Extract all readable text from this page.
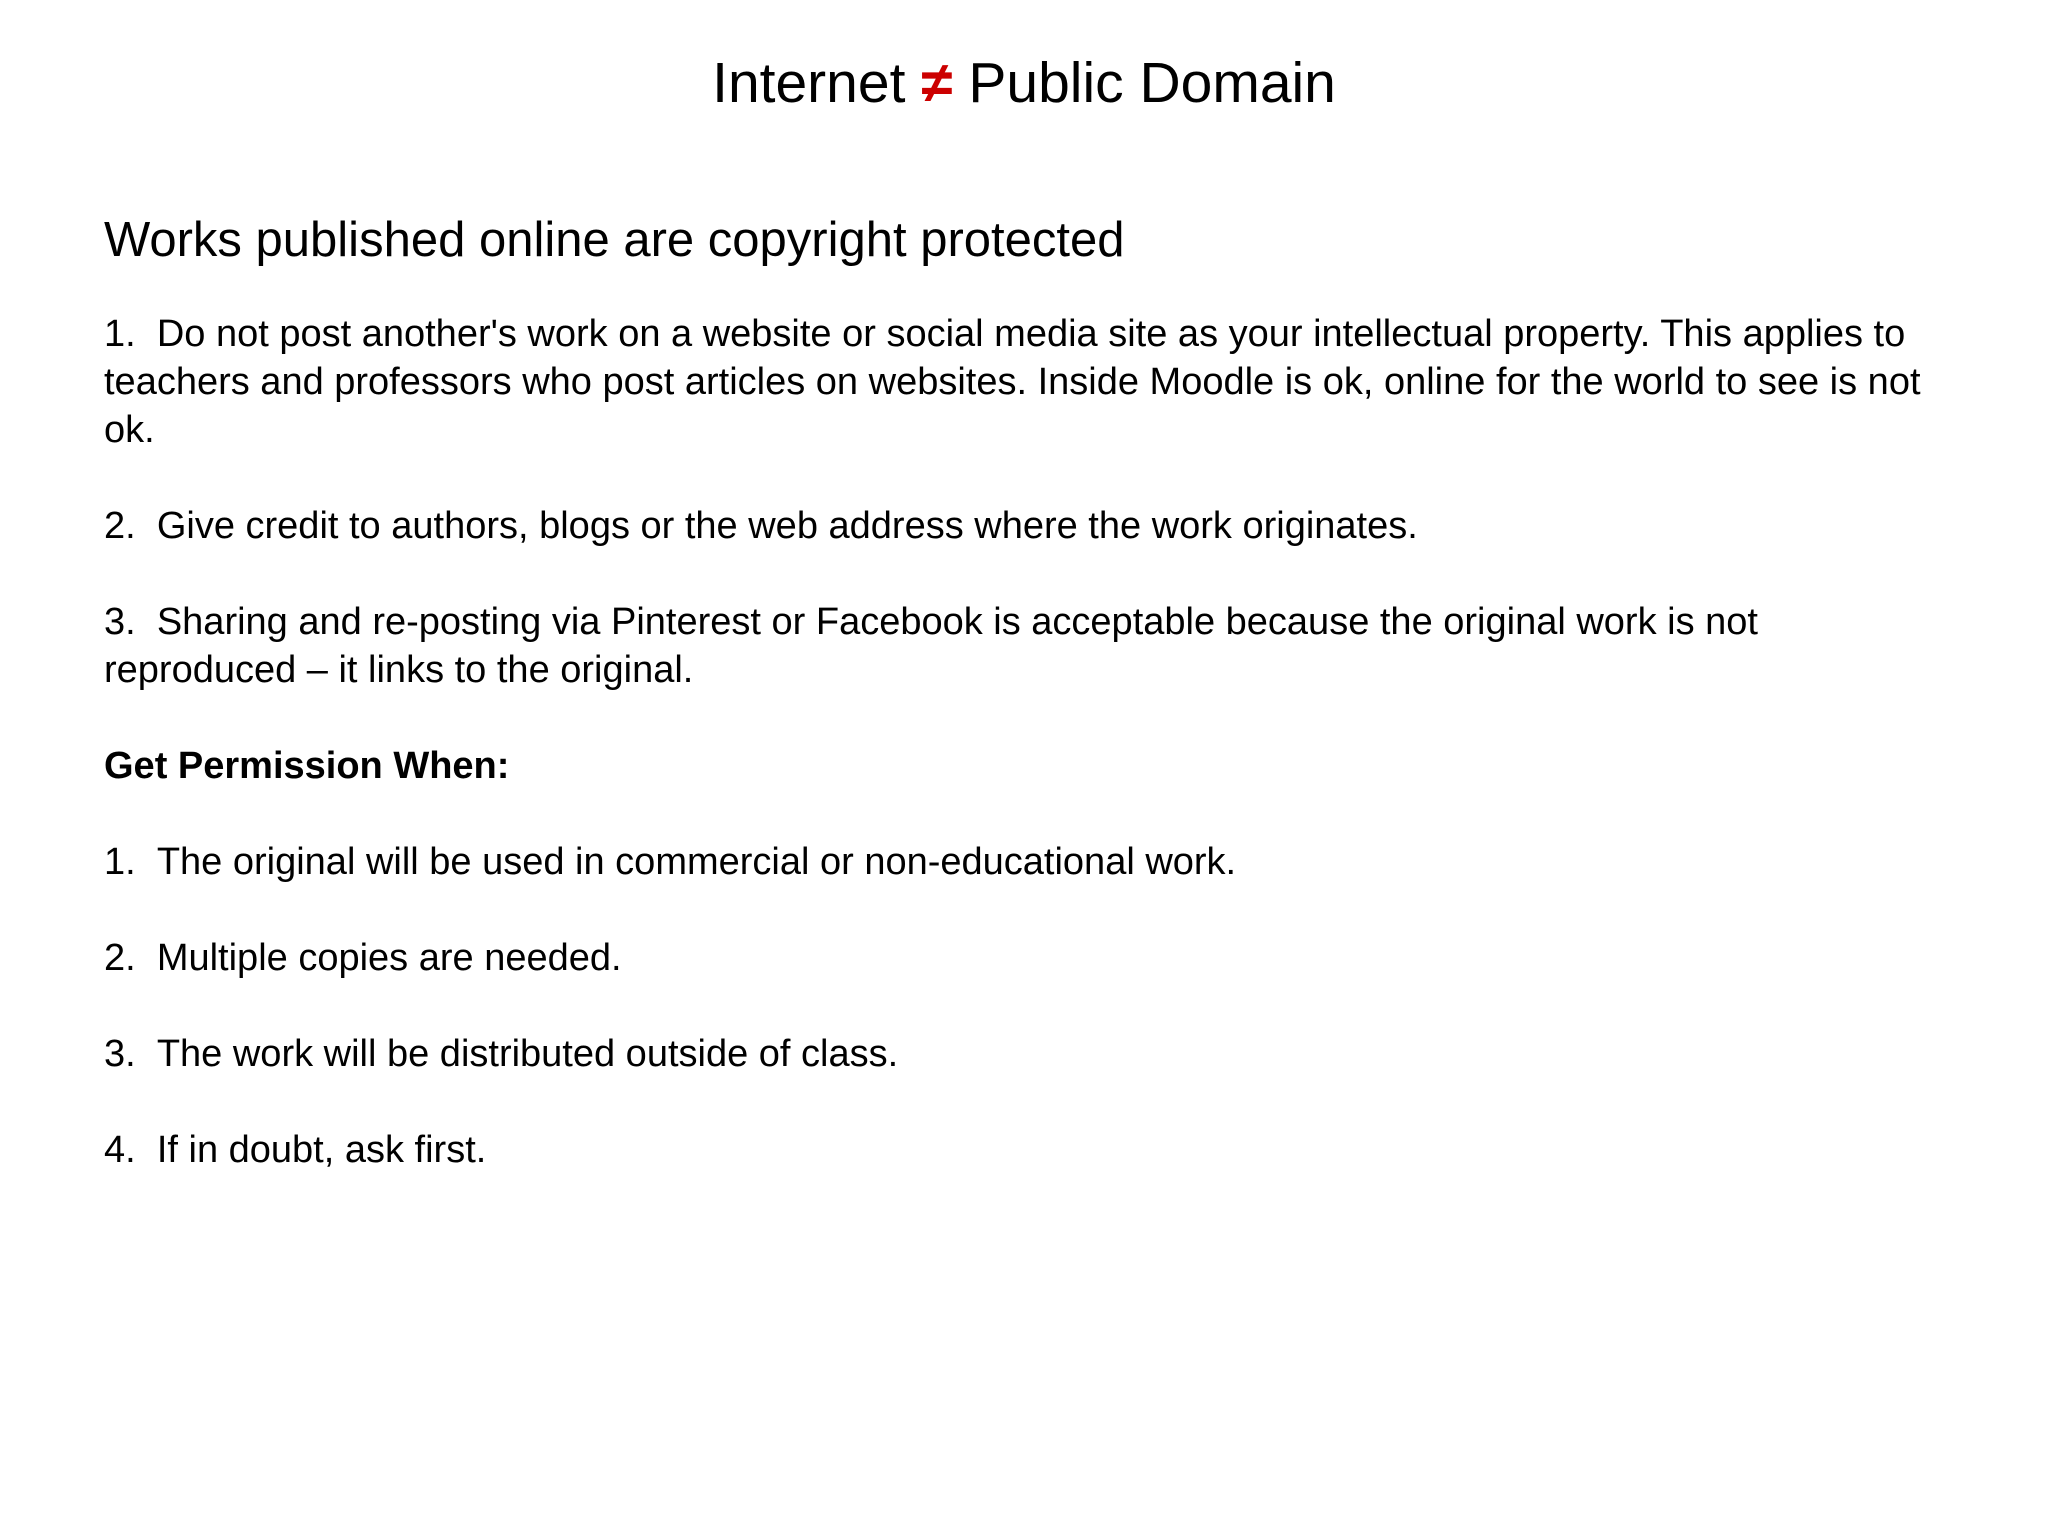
Internet ≠ Public Domain
Works published online are copyright protected
1. Do not post another's work on a website or social media site as your intellectual property. This applies to teachers and professors who post articles on websites. Inside Moodle is ok, online for the world to see is not ok.
2. Give credit to authors, blogs or the web address where the work originates.
3. Sharing and re-posting via Pinterest or Facebook is acceptable because the original work is not reproduced – it links to the original.
Get Permission When:
1. The original will be used in commercial or non-educational work.
2. Multiple copies are needed.
3. The work will be distributed outside of class.
4. If in doubt, ask first.
